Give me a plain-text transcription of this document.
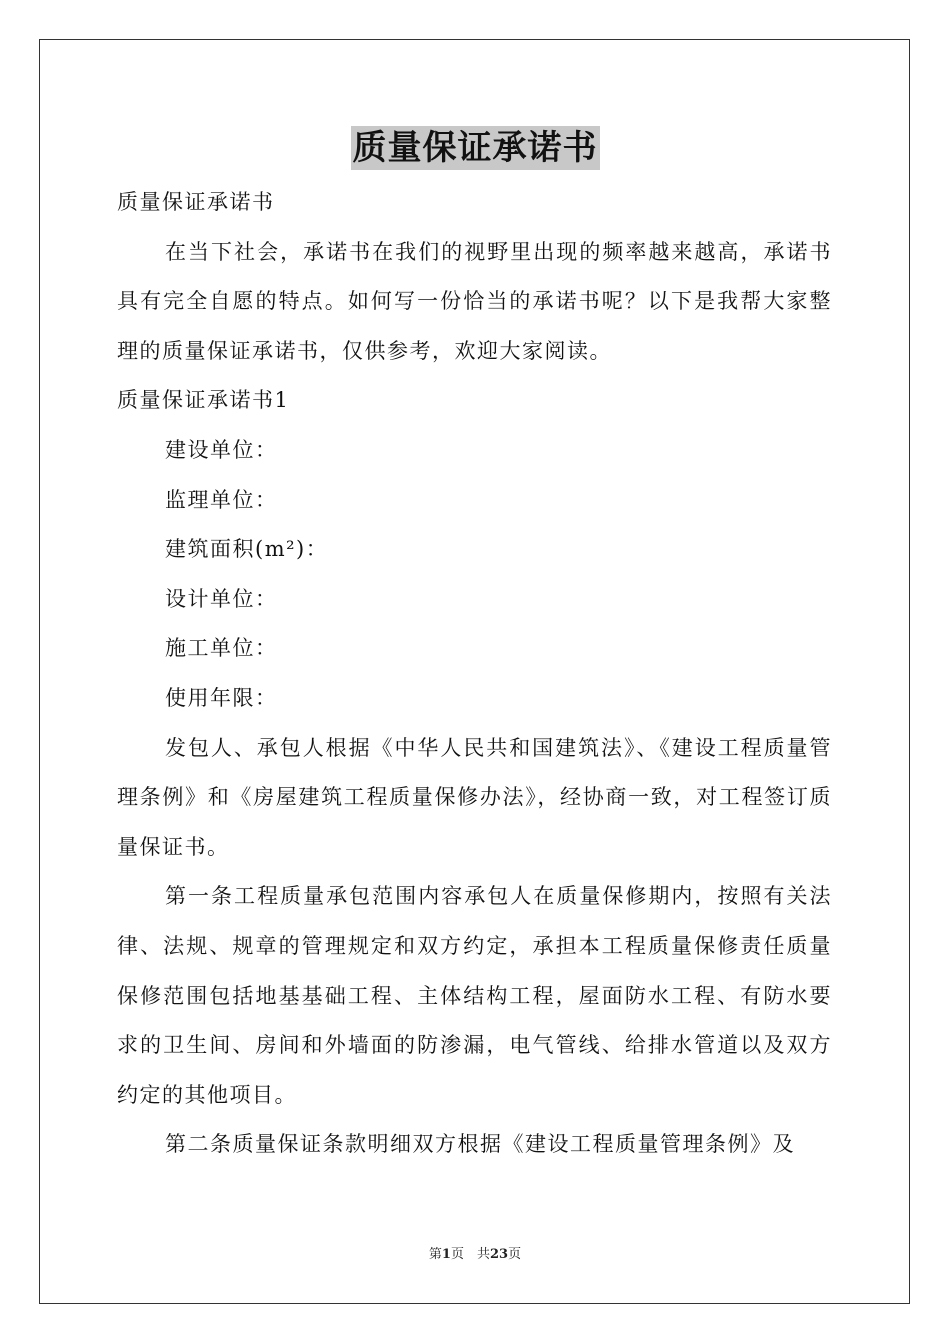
质量保证承诺书

质量保证承诺书

在当下社会，承诺书在我们的视野里出现的频率越来越高，承诺书具有完全自愿的特点。如何写一份恰当的承诺书呢？以下是我帮大家整理的质量保证承诺书，仅供参考，欢迎大家阅读。

质量保证承诺书1

建设单位：

监理单位：

建筑面积(m²)：

设计单位：

施工单位：

使用年限：

发包人、承包人根据《中华人民共和国建筑法》、《建设工程质量管理条例》和《房屋建筑工程质量保修办法》，经协商一致，对工程签订质量保证书。

第一条工程质量承包范围内容承包人在质量保修期内，按照有关法律、法规、规章的管理规定和双方约定，承担本工程质量保修责任质量保修范围包括地基基础工程、主体结构工程，屋面防水工程、有防水要求的卫生间、房间和外墙面的防渗漏，电气管线、给排水管道以及双方约定的其他项目。

第二条质量保证条款明细双方根据《建设工程质量管理条例》及

第1页　共23页
